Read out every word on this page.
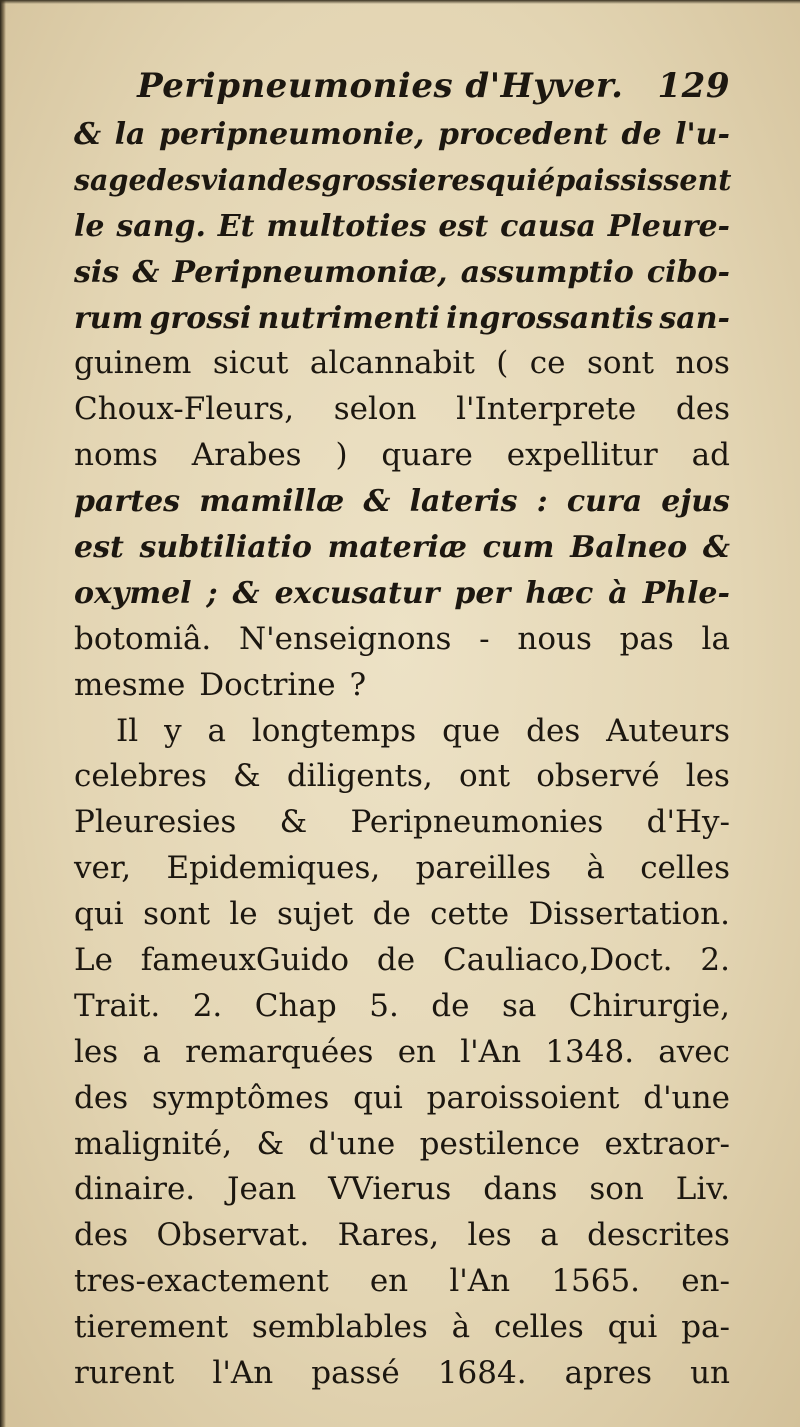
Peripneumonies d'Hyver. 129
& la peripneumonie, procedent de l'u-
sage des viandes grossieres qui épaississent
le sang. Et multoties est causa Pleure-
sis & Peripneumoniæ, assumptio cibo-
rum grossi nutrimenti ingrossantis san-
guinem sicut alcannabit ( ce sont nos
Choux-Fleurs, selon l'Interprete des
noms Arabes ) quare expellitur ad
partes mamillæ & lateris : cura ejus
est subtiliatio materiæ cum Balneo &
oxymel ; & excusatur per hæc à Phle-
botomiâ. N'enseignons - nous pas la
mesme Doctrine ?
Il y a longtemps que des Auteurs
celebres & diligents, ont observé les
Pleuresies & Peripneumonies d'Hy-
ver, Epidemiques, pareilles à celles
qui sont le sujet de cette Dissertation.
Le fameuxGuido de Cauliaco,Doct. 2.
Trait. 2. Chap 5. de sa Chirurgie,
les a remarquées en l'An 1348. avec
des symptômes qui paroissoient d'une
malignité, & d'une pestilence extraor-
dinaire. Jean VVierus dans son Liv.
des Observat. Rares, les a descrites
tres-exactement en l'An 1565. en-
tierement semblables à celles qui pa-
rurent l'An passé 1684. apres un
